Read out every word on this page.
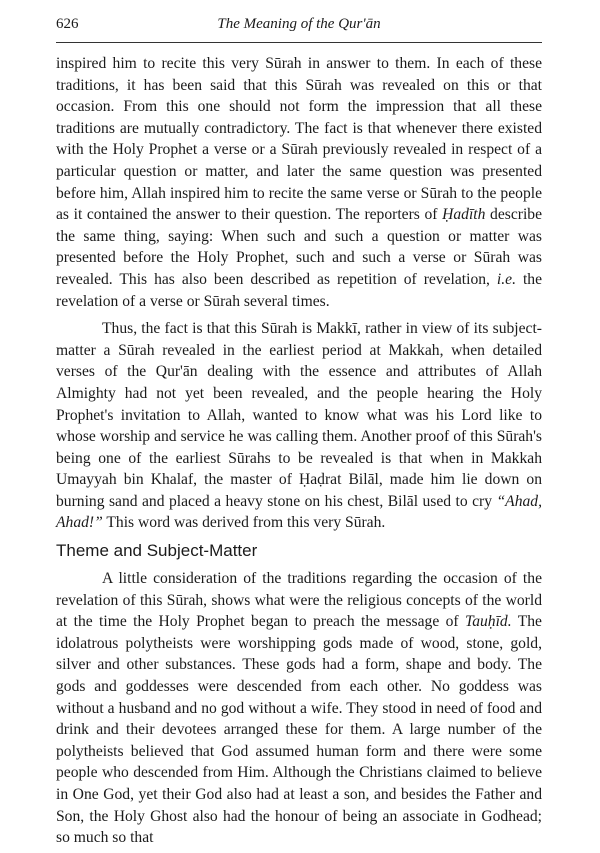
626	The Meaning of the Qur'ān

inspired him to recite this very Sūrah in answer to them. In each of these traditions, it has been said that this Sūrah was revealed on this or that occasion. From this one should not form the impression that all these traditions are mutually contradictory. The fact is that whenever there existed with the Holy Prophet a verse or a Sūrah previously revealed in respect of a particular question or matter, and later the same question was presented before him, Allah inspired him to recite the same verse or Sūrah to the people as it contained the answer to their question. The reporters of Ḥadīth describe the same thing, saying: When such and such a question or matter was presented before the Holy Prophet, such and such a verse or Sūrah was revealed. This has also been described as repetition of revelation, i.e. the revelation of a verse or Sūrah several times.

Thus, the fact is that this Sūrah is Makkī, rather in view of its subject-matter a Sūrah revealed in the earliest period at Makkah, when detailed verses of the Qur'ān dealing with the essence and attributes of Allah Almighty had not yet been revealed, and the people hearing the Holy Prophet's invitation to Allah, wanted to know what was his Lord like to whose worship and service he was calling them. Another proof of this Sūrah's being one of the earliest Sūrahs to be revealed is that when in Makkah Umayyah bin Khalaf, the master of Ḥaḍrat Bilāl, made him lie down on burning sand and placed a heavy stone on his chest, Bilāl used to cry “Ahad, Ahad!” This word was derived from this very Sūrah.

Theme and Subject-Matter

A little consideration of the traditions regarding the occasion of the revelation of this Sūrah, shows what were the religious concepts of the world at the time the Holy Prophet began to preach the message of Tauḥīd. The idolatrous polytheists were worshipping gods made of wood, stone, gold, silver and other substances. These gods had a form, shape and body. The gods and goddesses were descended from each other. No goddess was without a husband and no god without a wife. They stood in need of food and drink and their devotees arranged these for them. A large number of the polytheists believed that God assumed human form and there were some people who descended from Him. Although the Christians claimed to believe in One God, yet their God also had at least a son, and besides the Father and Son, the Holy Ghost also had the honour of being an associate in Godhead; so much so that
